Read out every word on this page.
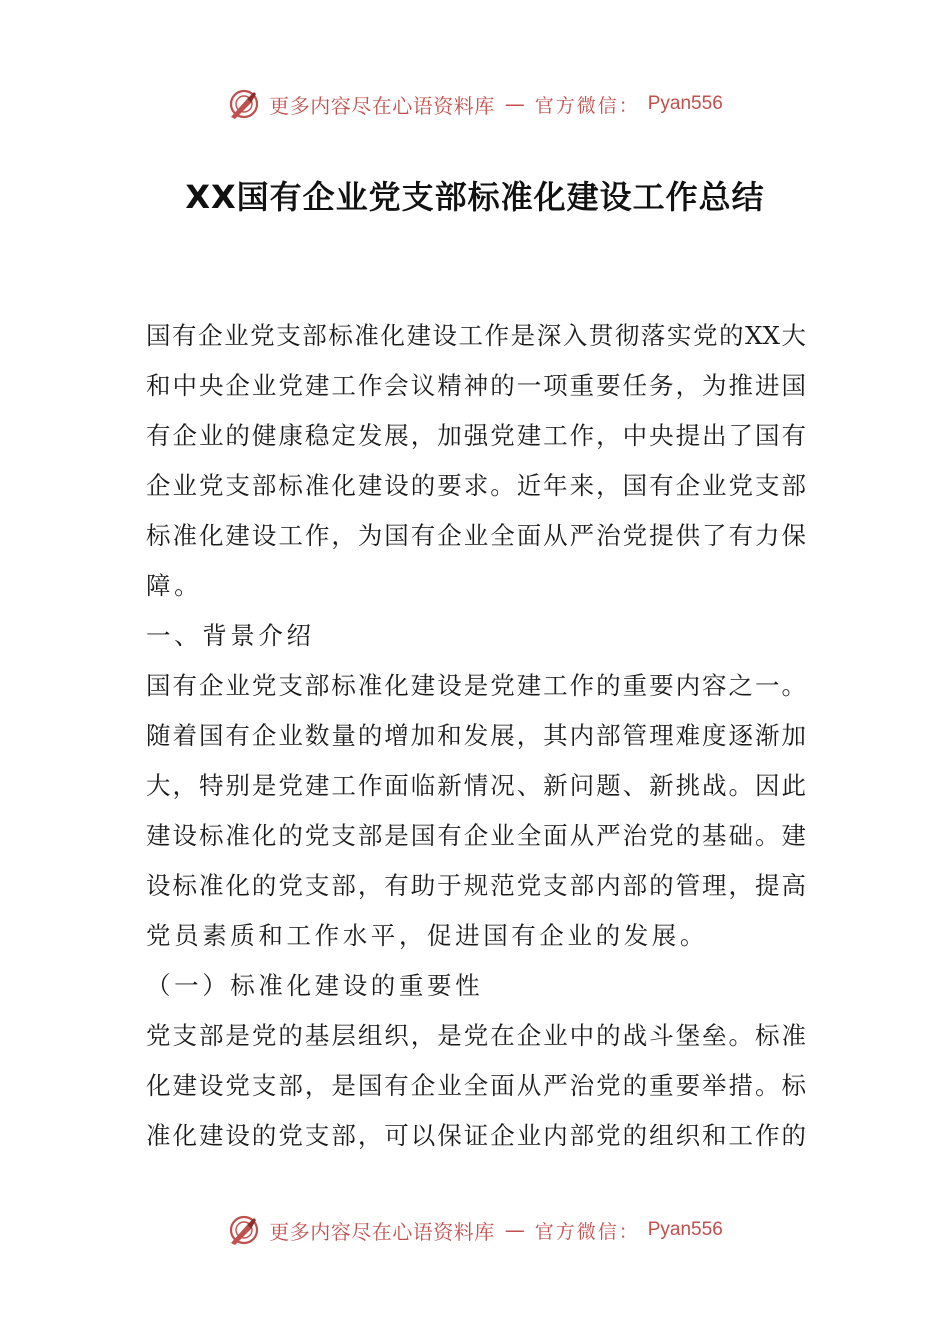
更多内容尽在心语资料库 — 官方微信： Pyan556
XX国有企业党支部标准化建设工作总结
国有企业党支部标准化建设工作是深入贯彻落实党的XX大
和中央企业党建工作会议精神的一项重要任务，为推进国
有企业的健康稳定发展，加强党建工作，中央提出了国有
企业党支部标准化建设的要求。近年来，国有企业党支部
标准化建设工作，为国有企业全面从严治党提供了有力保
障。
一、背景介绍
国有企业党支部标准化建设是党建工作的重要内容之一。
随着国有企业数量的增加和发展，其内部管理难度逐渐加
大，特别是党建工作面临新情况、新问题、新挑战。因此
建设标准化的党支部是国有企业全面从严治党的基础。建
设标准化的党支部，有助于规范党支部内部的管理，提高
党员素质和工作水平，促进国有企业的发展。
（一）标准化建设的重要性
党支部是党的基层组织，是党在企业中的战斗堡垒。标准
化建设党支部，是国有企业全面从严治党的重要举措。标
准化建设的党支部，可以保证企业内部党的组织和工作的
更多内容尽在心语资料库 — 官方微信： Pyan556
